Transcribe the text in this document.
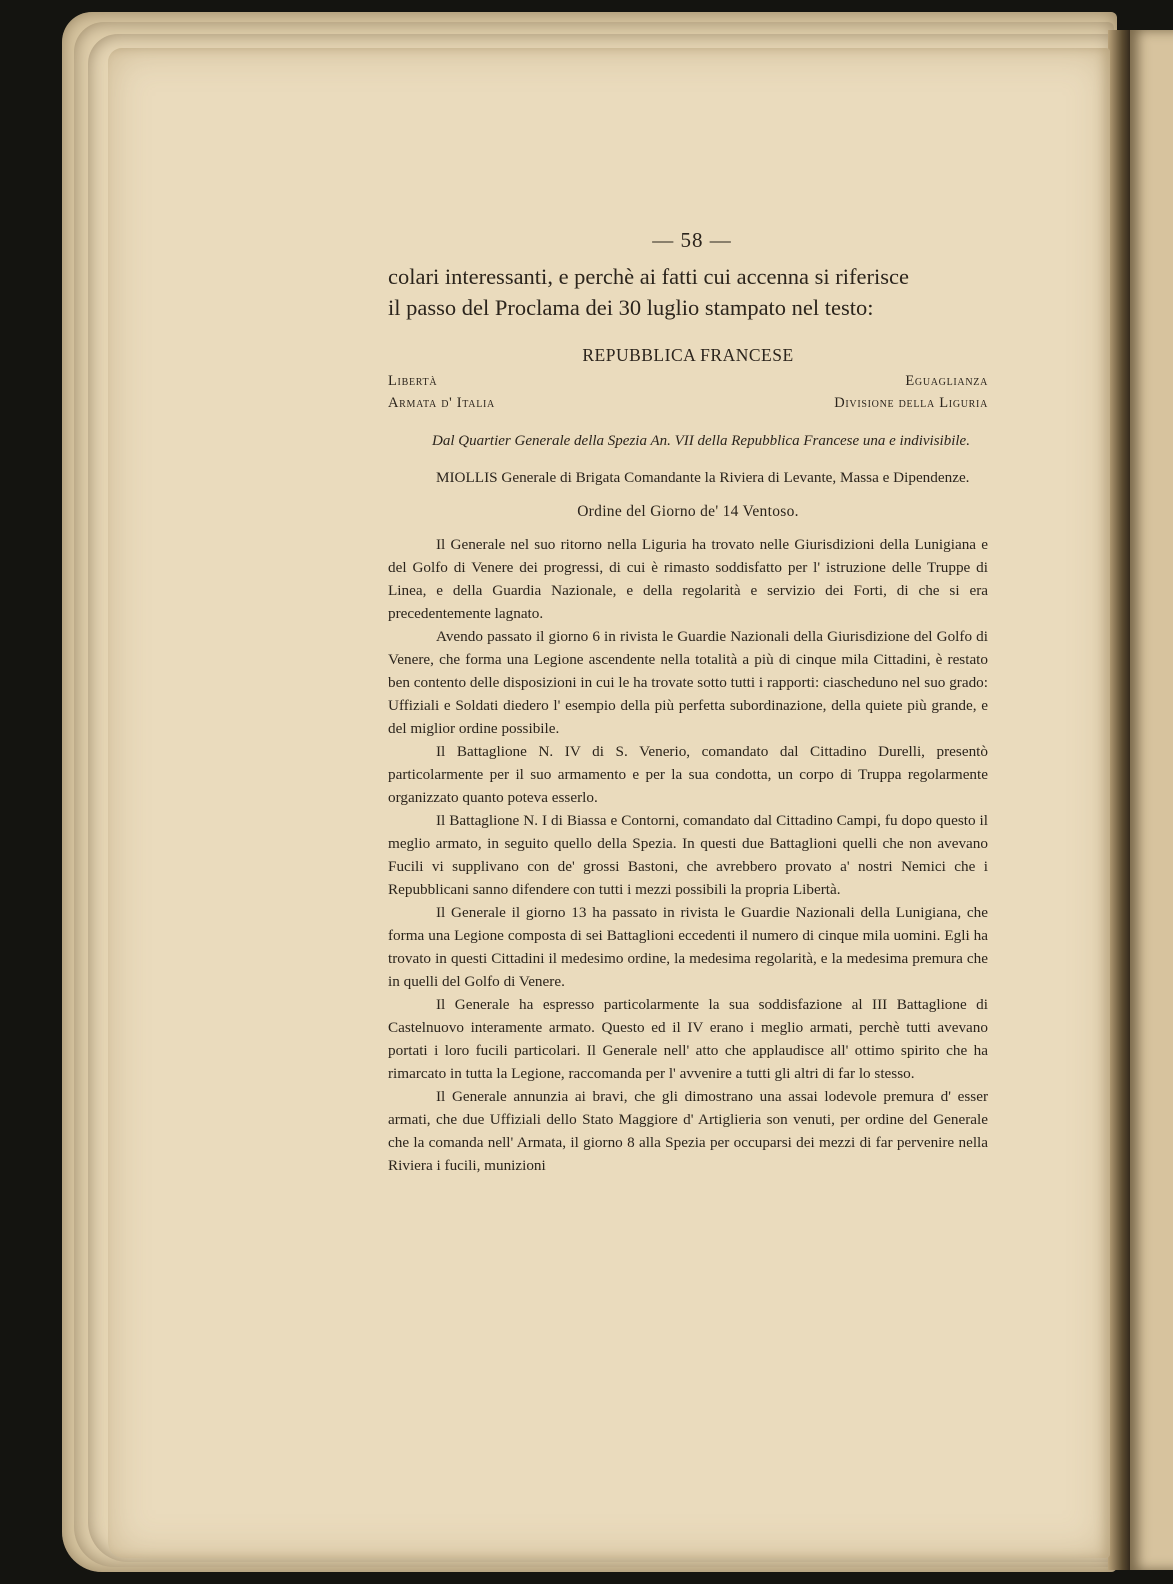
— 58 —

colari interessanti, e perchè ai fatti cui accenna si riferisce

il passo del Proclama dei 30 luglio stampato nel testo:

REPUBBLICA FRANCESE
Libertà	Eguaglianza
Armata d' Italia	Divisione della Liguria
Dal Quartier Generale della Spezia An. VII della Repubblica Francese una e indivisibile.

MIOLLIS Generale di Brigata Comandante la Riviera di Levante, Massa e Dipendenze.

Ordine del Giorno de' 14 Ventoso.

Il Generale nel suo ritorno nella Liguria ha trovato nelle Giurisdizioni della Lunigiana e del Golfo di Venere dei progressi, di cui è rimasto soddisfatto per l' istruzione delle Truppe di Linea, e della Guardia Nazionale, e della regolarità e servizio dei Forti, di che si era precedentemente lagnato.

Avendo passato il giorno 6 in rivista le Guardie Nazionali della Giurisdizione del Golfo di Venere, che forma una Legione ascendente nella totalità a più di cinque mila Cittadini, è restato ben contento delle disposizioni in cui le ha trovate sotto tutti i rapporti: ciascheduno nel suo grado: Uffiziali e Soldati diedero l' esempio della più perfetta subordinazione, della quiete più grande, e del miglior ordine possibile.

Il Battaglione N. IV di S. Venerio, comandato dal Cittadino Durelli, presentò particolarmente per il suo armamento e per la sua condotta, un corpo di Truppa regolarmente organizzato quanto poteva esserlo.

Il Battaglione N. I di Biassa e Contorni, comandato dal Cittadino Campi, fu dopo questo il meglio armato, in seguito quello della Spezia. In questi due Battaglioni quelli che non avevano Fucili vi supplivano con de' grossi Bastoni, che avrebbero provato a' nostri Nemici che i Repubblicani sanno difendere con tutti i mezzi possibili la propria Libertà.

Il Generale il giorno 13 ha passato in rivista le Guardie Nazionali della Lunigiana, che forma una Legione composta di sei Battaglioni eccedenti il numero di cinque mila uomini. Egli ha trovato in questi Cittadini il medesimo ordine, la medesima regolarità, e la medesima premura che in quelli del Golfo di Venere.

Il Generale ha espresso particolarmente la sua soddisfazione al III Battaglione di Castelnuovo interamente armato. Questo ed il IV erano i meglio armati, perchè tutti avevano portati i loro fucili particolari. Il Generale nell' atto che applaudisce all' ottimo spirito che ha rimarcato in tutta la Legione, raccomanda per l' avvenire a tutti gli altri di far lo stesso.

Il Generale annunzia ai bravi, che gli dimostrano una assai lodevole premura d' esser armati, che due Uffiziali dello Stato Maggiore d' Artiglieria son venuti, per ordine del Generale che la comanda nell' Armata, il giorno 8 alla Spezia per occuparsi dei mezzi di far pervenire nella Riviera i fucili, munizioni
